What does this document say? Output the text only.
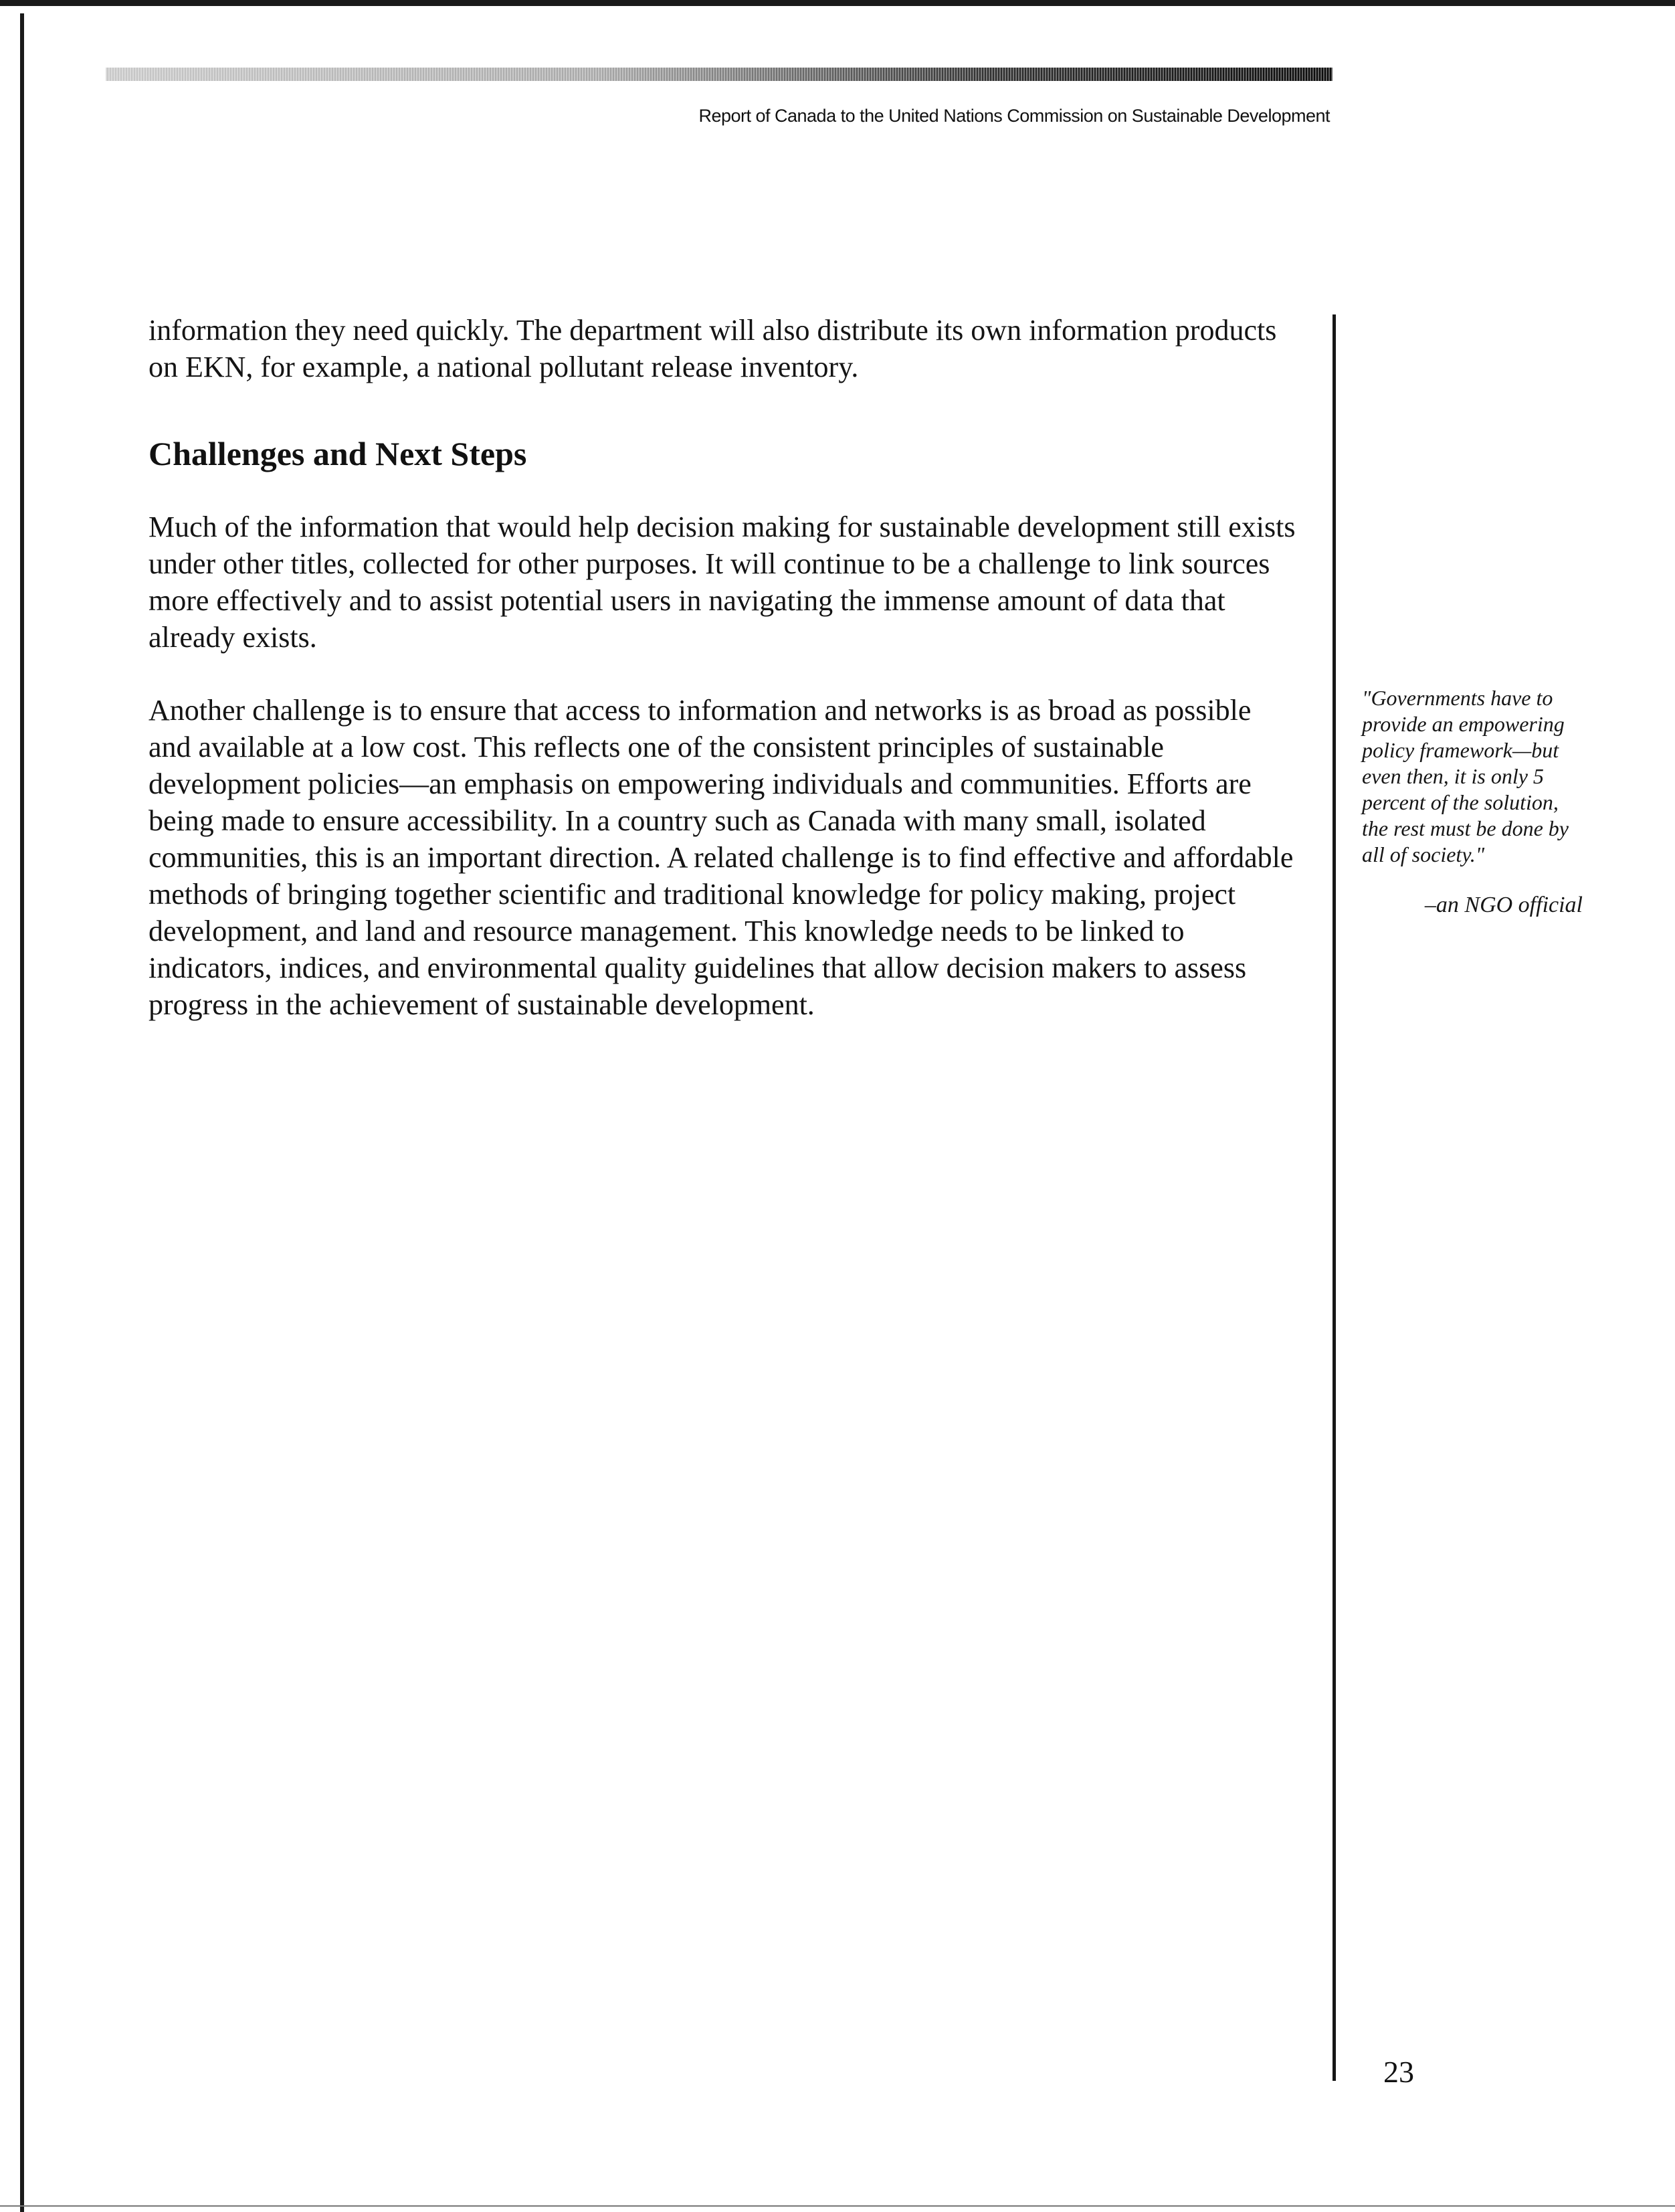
Report of Canada to the United Nations Commission on Sustainable Development

information they need quickly. The department will also distribute its own information products on EKN, for example, a national pollutant release inventory.

Challenges and Next Steps

Much of the information that would help decision making for sustainable development still exists under other titles, collected for other purposes. It will continue to be a challenge to link sources more effectively and to assist potential users in navigating the immense amount of data that already exists.

Another challenge is to ensure that access to information and networks is as broad as possible and available at a low cost. This reflects one of the consistent principles of sustainable development policies—an emphasis on empowering individuals and communities. Efforts are being made to ensure accessibility. In a country such as Canada with many small, isolated communities, this is an important direction. A related challenge is to find effective and affordable methods of bringing together scientific and traditional knowledge for policy making, project development, and land and resource management. This knowledge needs to be linked to indicators, indices, and environmental quality guidelines that allow decision makers to assess progress in the achievement of sustainable development.

"Governments have to provide an empowering policy framework—but even then, it is only 5 percent of the solution, the rest must be done by all of society."

–an NGO official

23
